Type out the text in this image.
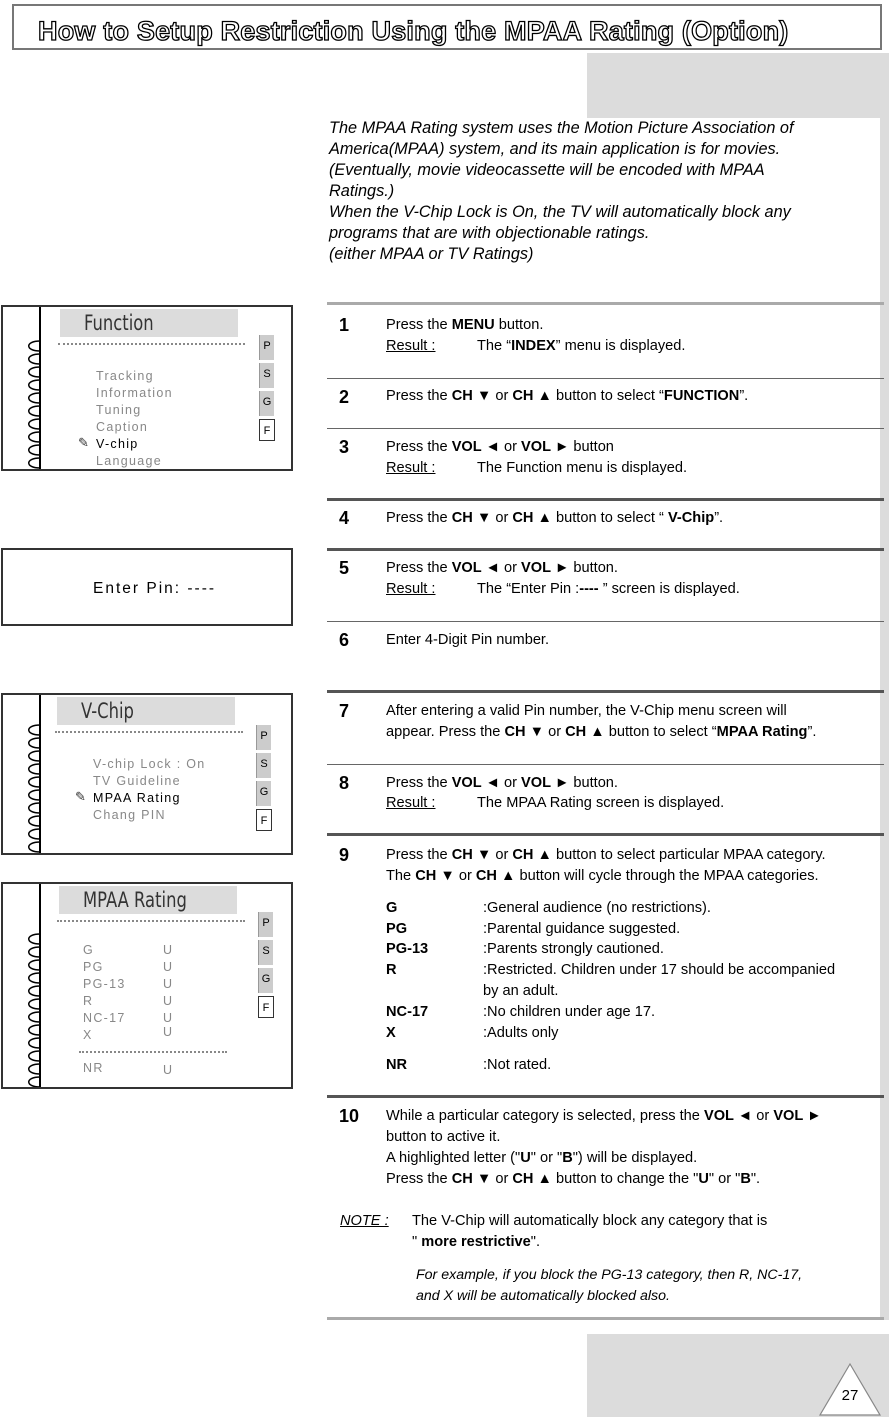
How to Setup Restriction Using the MPAA Rating (Option)

The MPAA Rating system uses the Motion Picture Association of

America(MPAA) system, and its main application is for movies.

(Eventually, movie videocassette will be encoded with MPAA

Ratings.)

When the V-Chip Lock is On, the TV will automatically block any

programs that are with objectionable ratings.

(either MPAA or TV Ratings)

1	Press the MENU button.
Result :	The “INDEX” menu is displayed.
2	Press the CH ▼ or CH ▲ button to select “FUNCTION”.
3	Press the VOL ◄ or VOL ► button
Result :	The Function menu is displayed.
4	Press the CH ▼ or CH ▲ button to select “ V-Chip”.
5	Press the VOL ◄ or VOL ► button.
Result :	The “Enter Pin :---- ” screen is displayed.
6	Enter 4-Digit Pin number.
7	After entering a valid Pin number, the V-Chip menu screen will
appear. Press the CH ▼ or CH ▲ button to select “MPAA Rating”.
8	Press the VOL ◄ or VOL ► button.
Result :	The MPAA Rating screen is displayed.
9	Press the CH ▼ or CH ▲ button to select particular MPAA category.
The CH ▼ or CH ▲ button will cycle through the MPAA categories.
G	:General audience (no restrictions).
PG	:Parental guidance suggested.
PG-13	:Parents strongly cautioned.
R	:Restricted. Children under 17 should be accompanied
by an adult.
NC-17	:No children under age 17.
X	:Adults only
NR	:Not rated.
10 While a particular category is selected, press the VOL ◄ or VOL ►
button to active it.
A highlighted letter ("U" or "B") will be displayed.
Press the CH ▼ or CH ▲ button to change the "U" or "B".
NOTE : The V-Chip will automatically block any category that is
" more restrictive".
For example, if you block the PG-13 category, then R, NC-17,
and X will be automatically blocked also.
Function
Tracking
Information
Tuning
Caption
✎ V-chip
Language
P
S
G
F
Enter Pin: ----
V-Chip
V-chip Lock : On
TV Guideline
✎ MPAA Rating
Chang PIN
P
S
G
F
MPAA Rating
G	U
PG	U
PG-13	U
R	U
NC-17	U
X	U
NR	U
P
S
G
F
27
